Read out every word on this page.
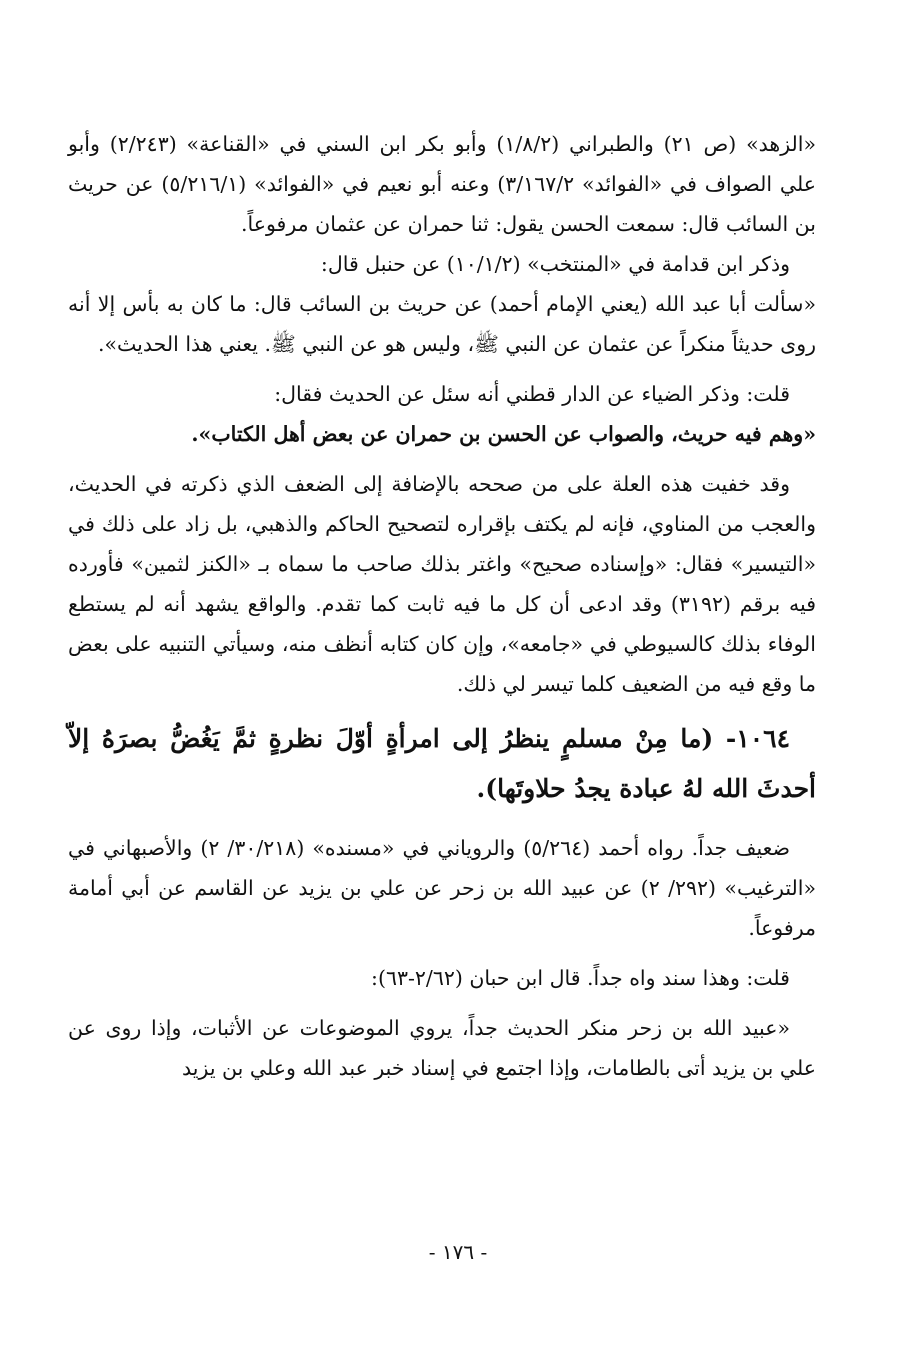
«الزهد» (ص ٢١) والطبراني (١/٨/٢) وأبو بكر ابن السني في «القناعة» (٢/٢٤٣) وأبو علي الصواف في «الفوائد» ٣/١٦٧/٢) وعنه أبو نعيم في «الفوائد» (٥/٢١٦/١) عن حريث بن السائب قال: سمعت الحسن يقول: ثنا حمران عن عثمان مرفوعاً.

وذكر ابن قدامة في «المنتخب» (١٠/١/٢) عن حنبل قال:

«سألت أبا عبد الله (يعني الإمام أحمد) عن حريث بن السائب قال: ما كان به بأس إلا أنه روى حديثاً منكراً عن عثمان عن النبي ﷺ، وليس هو عن النبي ﷺ. يعني هذا الحديث».

قلت: وذكر الضياء عن الدار قطني أنه سئل عن الحديث فقال:

«وهم فيه حريث، والصواب عن الحسن بن حمران عن بعض أهل الكتاب».

وقد خفيت هذه العلة على من صححه بالإضافة إلى الضعف الذي ذكرته في الحديث، والعجب من المناوي، فإنه لم يكتف بإقراره لتصحيح الحاكم والذهبي، بل زاد على ذلك في «التيسير» فقال: «وإسناده صحيح» واغتر بذلك صاحب ما سماه بـ «الكنز لثمين» فأورده فيه برقم (٣١٩٢) وقد ادعى أن كل ما فيه ثابت كما تقدم. والواقع يشهد أنه لم يستطع الوفاء بذلك كالسيوطي في «جامعه»، وإن كان كتابه أنظف منه، وسيأتي التنبيه على بعض ما وقع فيه من الضعيف كلما تيسر لي ذلك.

١٠٦٤- (ما مِنْ مسلمٍ ينظرُ إلى امرأةٍ أوّلَ نظرةٍ ثمَّ يَغُضُّ بصرَهُ إلاّ أحدثَ الله لهُ عبادة يجدُ حلاوتَها).

ضعيف جداً. رواه أحمد (٥/٢٦٤) والروياني في «مسنده» (٣٠/٢١٨/ ٢) والأصبهاني في «الترغيب» (٢٩٢/ ٢) عن عبيد الله بن زحر عن علي بن يزيد عن القاسم عن أبي أمامة مرفوعاً.

قلت: وهذا سند واه جداً. قال ابن حبان (٢/٦٢-٦٣):

«عبيد الله بن زحر منكر الحديث جداً، يروي الموضوعات عن الأثبات، وإذا روى عن علي بن يزيد أتى بالطامات، وإذا اجتمع في إسناد خبر عبد الله وعلي بن يزيد

- ١٧٦ -
